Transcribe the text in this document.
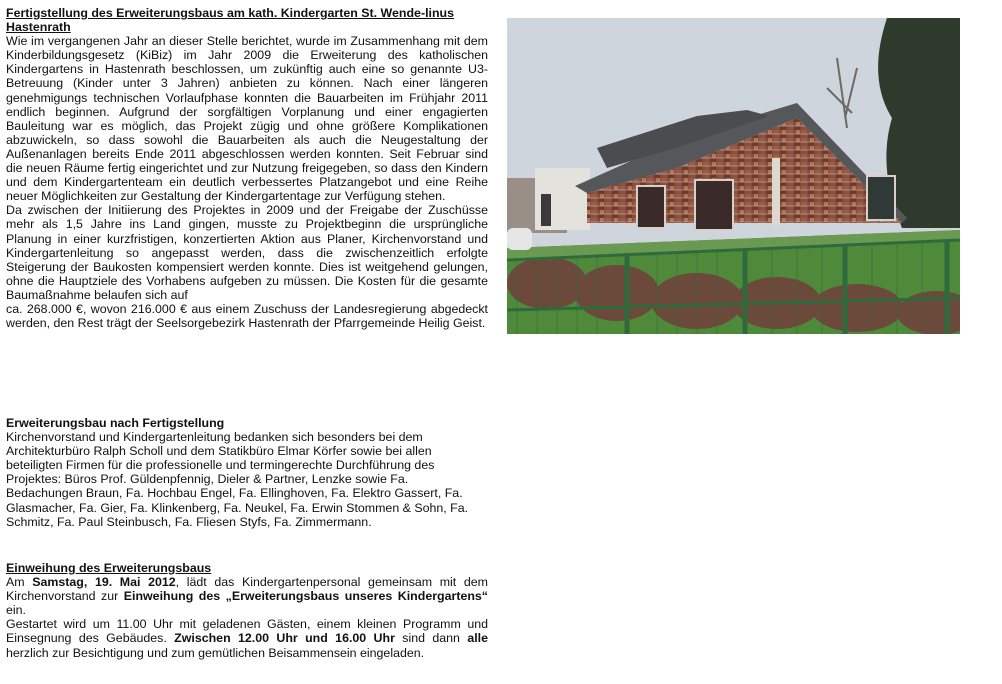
Fertigstellung des Erweiterungsbaus am kath. Kindergarten St. Wende-linus Hastenrath

Wie im vergangenen Jahr an dieser Stelle berichtet, wurde im Zusammenhang mit dem Kinderbildungsgesetz (KiBiz) im Jahr 2009 die Erweiterung des katholischen Kindergartens in Hastenrath beschlossen, um zukünftig auch eine so genannte U3-Betreuung (Kinder unter 3 Jahren) anbieten zu können. Nach einer längeren genehmigungs technischen Vorlaufphase konnten die Bauarbeiten im Frühjahr 2011 endlich beginnen. Aufgrund der sorgfältigen Vorplanung und einer engagierten Bauleitung war es möglich, das Projekt zügig und ohne größere Komplikationen abzuwickeln, so dass sowohl die Bauarbeiten als auch die Neugestaltung der Außenanlagen bereits Ende 2011 abgeschlossen werden konnten. Seit Februar sind die neuen Räume fertig eingerichtet und zur Nutzung freigegeben, so dass den Kindern und dem Kindergartenteam ein deutlich verbessertes Platzangebot und eine Reihe neuer Möglichkeiten zur Gestaltung der Kindergartentage zur Verfügung stehen.

Da zwischen der Initiierung des Projektes in 2009 und der Freigabe der Zuschüsse mehr als 1,5 Jahre ins Land gingen, musste zu Projektbeginn die ursprüngliche Planung in einer kurzfristigen, konzertierten Aktion aus Planer, Kirchenvorstand und Kindergartenleitung so angepasst werden, dass die zwischenzeitlich erfolgte Steigerung der Baukosten kompensiert werden konnte. Dies ist weitgehend gelungen, ohne die Hauptziele des Vorhabens aufgeben zu müssen. Die Kosten für die gesamte Baumaßnahme belaufen sich auf

ca. 268.000 €, wovon 216.000 € aus einem Zuschuss der Landesregierung abgedeckt werden, den Rest trägt der Seelsorgebezirk Hastenrath der Pfarrgemeinde Heilig Geist.

Erweiterungsbau nach Fertigstellung

Kirchenvorstand und Kindergartenleitung bedanken sich besonders bei dem Architekturbüro Ralph Scholl und dem Statikbüro Elmar Körfer sowie bei allen beteiligten Firmen für die professionelle und termingerechte Durchführung des Projektes: Büros Prof. Güldenpfennig, Dieler & Partner, Lenzke sowie Fa. Bedachungen Braun, Fa. Hochbau Engel, Fa. Ellinghoven, Fa. Elektro Gassert, Fa. Glasmacher, Fa. Gier, Fa. Klinkenberg, Fa. Neukel, Fa. Erwin Stommen & Sohn, Fa. Schmitz, Fa. Paul Steinbusch, Fa. Fliesen Styfs, Fa. Zimmermann.

Einweihung des Erweiterungsbaus

Am Samstag, 19. Mai 2012, lädt das Kindergartenpersonal gemeinsam mit dem Kirchenvorstand zur Einweihung des „Erweiterungsbaus unseres Kindergartens“ ein.

Gestartet wird um 11.00 Uhr mit geladenen Gästen, einem kleinen Programm und Einsegnung des Gebäudes. Zwischen 12.00 Uhr und 16.00 Uhr sind dann alle herzlich zur Besichtigung und zum gemütlichen Beisammensein eingeladen.
